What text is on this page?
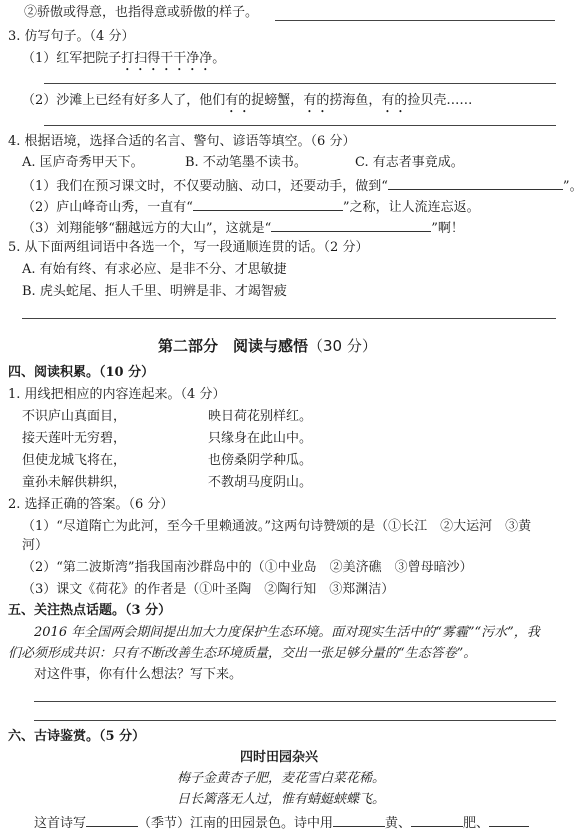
②骄傲或得意，也指得意或骄傲的样子。
3. 仿写句子。（4 分）
（1）红军把院子打扫得干干净净。
（2）沙滩上已经有好多人了，他们有的捉螃蟹，有的捞海鱼，有的捡贝壳……
4. 根据语境，选择合适的名言、警句、谚语等填空。（6 分）
A. 匡庐奇秀甲天下。	B. 不动笔墨不读书。	C. 有志者事竟成。
（1）我们在预习课文时，不仅要动脑、动口，还要动手，做到“	”。
（2）庐山峰奇山秀，一直有“	”之称，让人流连忘返。
（3）刘翔能够“翻越远方的大山”，这就是“	”啊！
5. 从下面两组词语中各选一个，写一段通顺连贯的话。（2 分）
A. 有始有终、有求必应、是非不分、才思敏捷
B. 虎头蛇尾、拒人千里、明辨是非、才竭智疲
第二部分　阅读与感悟（30 分）
四、阅读积累。（10 分）
1. 用线把相应的内容连起来。（4 分）
不识庐山真面目，	映日荷花别样红。
接天莲叶无穷碧，	只缘身在此山中。
但使龙城飞将在，	也傍桑阴学种瓜。
童孙未解供耕织，	不教胡马度阴山。
2. 选择正确的答案。（6 分）
（1）“尽道隋亡为此河，至今千里赖通波。”这两句诗赞颂的是（①长江　②大运河　③黄
河）
（2）“第二波斯湾”指我国南沙群岛中的（①中业岛　②美济礁　③曾母暗沙）
（3）课文《荷花》的作者是（①叶圣陶　②陶行知　③郑渊洁）
五、关注热点话题。（3 分）
2016 年全国两会期间提出加大力度保护生态环境。面对现实生活中的“雾霾”“污水”，我
们必须形成共识：只有不断改善生态环境质量，交出一张足够分量的“生态答卷”。
对这件事，你有什么想法？写下来。
六、古诗鉴赏。（5 分）
四时田园杂兴
梅子金黄杏子肥，麦花雪白菜花稀。
日长篱落无人过，惟有蜻蜓蛱蝶飞。
这首诗写	（季节）江南的田园景色。诗中用	黄、	肥、
